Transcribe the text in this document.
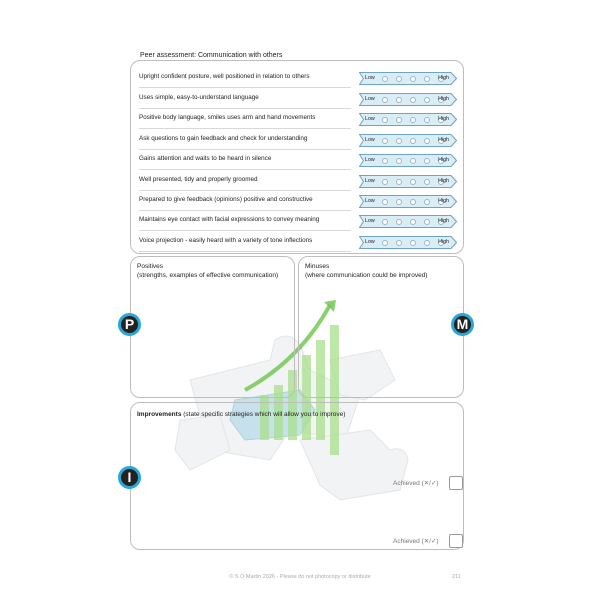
Peer assessment: Communication with others
Upright confident posture, well positioned in relation to others	Low	High
Uses simple, easy-to-understand language	Low	High
Positive body language, smiles uses arm and hand movements	Low	High
Ask questions to gain feedback and check for understanding	Low	High
Gains attention and waits to be heard in silence	Low	High
Well presented, tidy and properly groomed	Low	High
Prepared to give feedback (opinions) positive and constructive	Low	High
Maintains eye contact with facial expressions to convey meaning	Low	High
Voice projection - easily heard with a variety of tone inflections	Low	High
Positives
(strengths, examples of effective communication)
Minuses
(where communication could be improved)
Improvements (state specific strategies which will allow you to improve)
P	M
I	Achieved (✕/✓)
Achieved (✕/✓)
© S O Martin 2026 - Please do not photocopy or distribute	211
